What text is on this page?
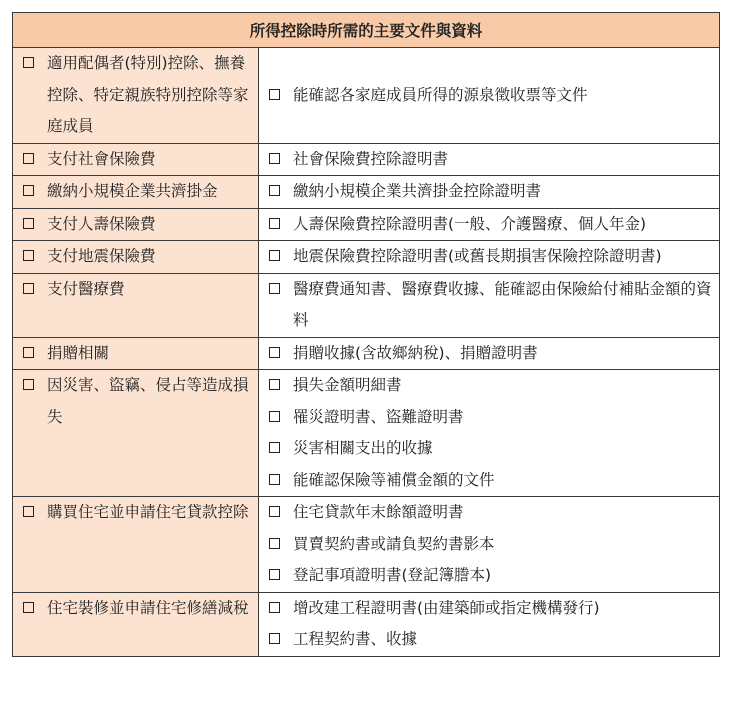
所得控除時所需的主要文件與資料	

適用配偶者(特別)控除、撫養控除、特定親族特別控除等家庭成員	能確認各家庭成員所得的源泉徵收票等文件

支付社會保險費	社會保險費控除證明書

繳納小規模企業共濟掛金	繳納小規模企業共濟掛金控除證明書

支付人壽保險費	人壽保險費控除證明書(一般、介護醫療、個人年金)

支付地震保險費	地震保險費控除證明書(或舊長期損害保險控除證明書)

支付醫療費	醫療費通知書、醫療費收據、能確認由保險給付補貼金額的資料

捐贈相關	捐贈收據(含故鄉納稅)、捐贈證明書

因災害、盜竊、侵占等造成損失	損失金額明細書
罹災證明書、盜難證明書
災害相關支出的收據
能確認保險等補償金額的文件

購買住宅並申請住宅貸款控除	住宅貸款年末餘額證明書
買賣契約書或請負契約書影本
登記事項證明書(登記簿謄本)

住宅裝修並申請住宅修繕減稅	增改建工程證明書(由建築師或指定機構發行)
工程契約書、收據
